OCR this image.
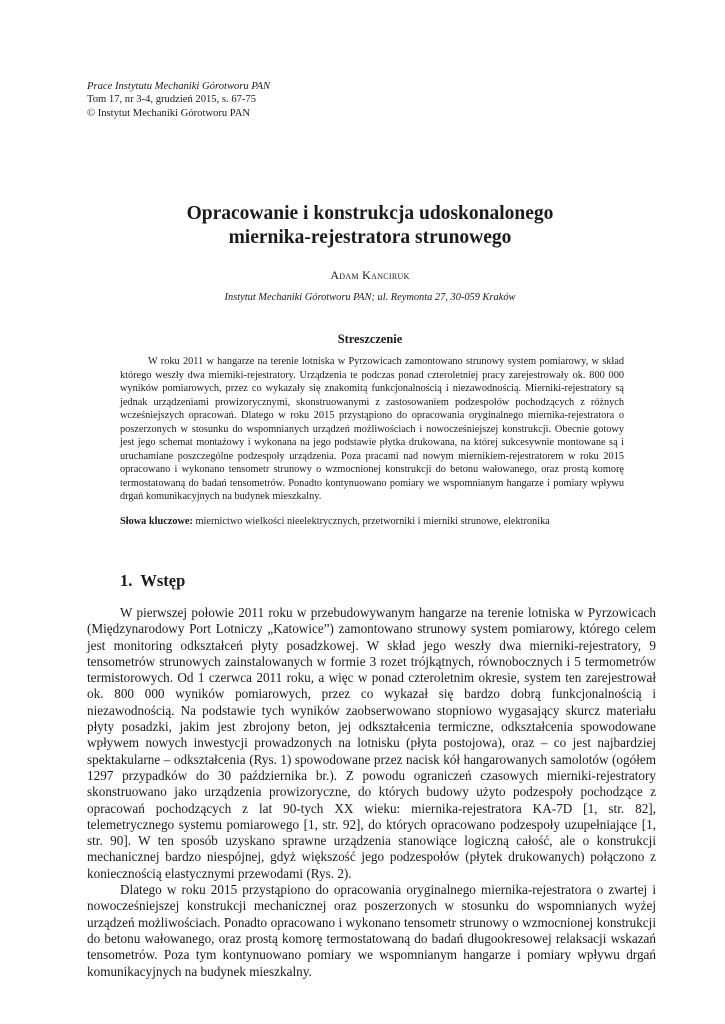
Prace Instytutu Mechaniki Górotworu PAN
Tom 17, nr 3-4, grudzień 2015, s. 67-75
© Instytut Mechaniki Górotworu PAN
Opracowanie i konstrukcja udoskonalonego
miernika-rejestratora strunowego
Adam Kanciruk
Instytut Mechaniki Górotworu PAN; ul. Reymonta 27, 30-059 Kraków
Streszczenie

W roku 2011 w hangarze na terenie lotniska w Pyrzowicach zamontowano strunowy system pomiarowy, w skład którego weszły dwa mierniki-rejestratory. Urządzenia te podczas ponad czteroletniej pracy zarejestrowały ok. 800 000 wyników pomiarowych, przez co wykazały się znakomitą funkcjonalnością i niezawodnością. Mierniki-rejestratory są jednak urządzeniami prowizorycznymi, skonstruowanymi z zastosowaniem podzespołów pochodzących z różnych wcześniejszych opracowań. Dlatego w roku 2015 przystąpiono do opracowania oryginalnego miernika-rejestratora o poszerzonych w stosunku do wspomnianych urządzeń możliwościach i nowocześniejszej konstrukcji. Obecnie gotowy jest jego schemat montażowy i wykonana na jego podstawie płytka drukowana, na której sukcesywnie montowane są i uruchamiane poszczególne podzespoły urządzenia. Poza pracami nad nowym miernikiem-rejestratorem w roku 2015 opracowano i wykonano tensometr strunowy o wzmocnionej konstrukcji do betonu wałowanego, oraz prostą komorę termostatowaną do badań tensometrów. Ponadto kontynuowano pomiary we wspomnianym hangarze i pomiary wpływu drgań komunikacyjnych na budynek mieszkalny.

Słowa kluczowe: miernictwo wielkości nieelektrycznych, przetworniki i mierniki strunowe, elektronika

1. Wstęp

W pierwszej połowie 2011 roku w przebudowywanym hangarze na terenie lotniska w Pyrzowicach (Międzynarodowy Port Lotniczy „Katowice”) zamontowano strunowy system pomiarowy, którego celem jest monitoring odkształceń płyty posadzkowej. W skład jego weszły dwa mierniki-rejestratory, 9 tensometrów strunowych zainstalowanych w formie 3 rozet trójkątnych, równobocznych i 5 termometrów termistorowych. Od 1 czerwca 2011 roku, a więc w ponad czteroletnim okresie, system ten zarejestrował ok. 800 000 wyników pomiarowych, przez co wykazał się bardzo dobrą funkcjonalnością i niezawodnością. Na podstawie tych wyników zaobserwowano stopniowo wygasający skurcz materiału płyty posadzki, jakim jest zbrojony beton, jej odkształcenia termiczne, odkształcenia spowodowane wpływem nowych inwestycji prowadzonych na lotnisku (płyta postojowa), oraz – co jest najbardziej spektakularne – odkształcenia (Rys. 1) spowodowane przez nacisk kół hangarowanych samolotów (ogółem 1297 przypadków do 30 października br.). Z powodu ograniczeń czasowych mierniki-rejestratory skonstruowano jako urządzenia prowizoryczne, do których budowy użyto podzespoły pochodzące z opracowań pochodzących z lat 90-tych XX wieku: miernika-rejestratora KA-7D [1, str. 82], telemetrycznego systemu pomiarowego [1, str. 92], do których opracowano podzespoły uzupełniające [1, str. 90]. W ten sposób uzyskano sprawne urządzenia stanowiące logiczną całość, ale o konstrukcji mechanicznej bardzo niespójnej, gdyż większość jego podzespołów (płytek drukowanych) połączono z koniecznością elastycznymi przewodami (Rys. 2).

Dlatego w roku 2015 przystąpiono do opracowania oryginalnego miernika-rejestratora o zwartej i nowocześniejszej konstrukcji mechanicznej oraz poszerzonych w stosunku do wspomnianych wyżej urządzeń możliwościach. Ponadto opracowano i wykonano tensometr strunowy o wzmocnionej konstrukcji do betonu wałowanego, oraz prostą komorę termostatowaną do badań długookresowej relaksacji wskazań tensometrów. Poza tym kontynuowano pomiary we wspomnianym hangarze i pomiary wpływu drgań komunikacyjnych na budynek mieszkalny.
